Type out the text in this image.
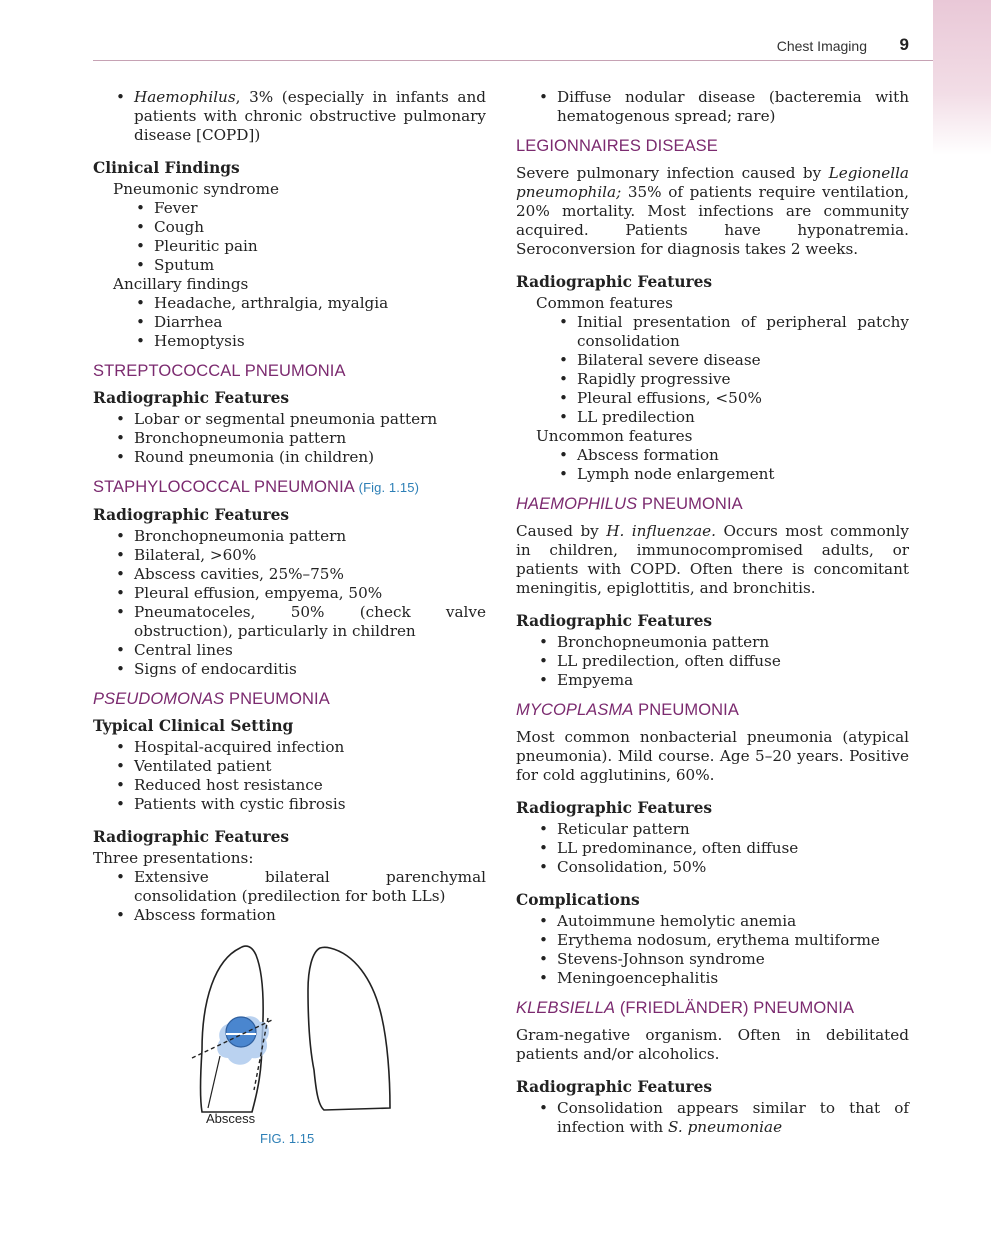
Chest Imaging 9
• Haemophilus, 3% (especially in infants and patients with chronic obstructive pulmonary disease [COPD])
Clinical Findings
Pneumonic syndrome
• Fever
• Cough
• Pleuritic pain
• Sputum
Ancillary findings
• Headache, arthralgia, myalgia
• Diarrhea
• Hemoptysis
STREPTOCOCCAL PNEUMONIA
Radiographic Features
• Lobar or segmental pneumonia pattern
• Bronchopneumonia pattern
• Round pneumonia (in children)
STAPHYLOCOCCAL PNEUMONIA (Fig. 1.15)
Radiographic Features
• Bronchopneumonia pattern
• Bilateral, >60%
• Abscess cavities, 25%–75%
• Pleural effusion, empyema, 50%
• Pneumatoceles, 50% (check valve obstruction), particularly in children
• Central lines
• Signs of endocarditis
PSEUDOMONAS PNEUMONIA
Typical Clinical Setting
• Hospital-acquired infection
• Ventilated patient
• Reduced host resistance
• Patients with cystic fibrosis
Radiographic Features
Three presentations:
• Extensive bilateral parenchymal consolidation (predilection for both LLs)
• Abscess formation
Abscess
FIG. 1.15
• Diffuse nodular disease (bacteremia with hematogenous spread; rare)
LEGIONNAIRES DISEASE

Severe pulmonary infection caused by Legionella pneumophila; 35% of patients require ventilation, 20% mortality. Most infections are community acquired. Patients have hyponatremia. Seroconversion for diagnosis takes 2 weeks.

Radiographic Features
Common features
• Initial presentation of peripheral patchy consolidation
• Bilateral severe disease
• Rapidly progressive
• Pleural effusions, <50%
• LL predilection
Uncommon features
• Abscess formation
• Lymph node enlargement
HAEMOPHILUS PNEUMONIA

Caused by H. influenzae. Occurs most commonly in children, immunocompromised adults, or patients with COPD. Often there is concomitant meningitis, epiglottitis, and bronchitis.

Radiographic Features
• Bronchopneumonia pattern
• LL predilection, often diffuse
• Empyema
MYCOPLASMA PNEUMONIA

Most common nonbacterial pneumonia (atypical pneumonia). Mild course. Age 5–20 years. Positive for cold agglutinins, 60%.

Radiographic Features
• Reticular pattern
• LL predominance, often diffuse
• Consolidation, 50%
Complications
• Autoimmune hemolytic anemia
• Erythema nodosum, erythema multiforme
• Stevens-Johnson syndrome
• Meningoencephalitis
KLEBSIELLA (FRIEDLÄNDER) PNEUMONIA

Gram-negative organism. Often in debilitated patients and/or alcoholics.

Radiographic Features
• Consolidation appears similar to that of infection with S. pneumoniae
